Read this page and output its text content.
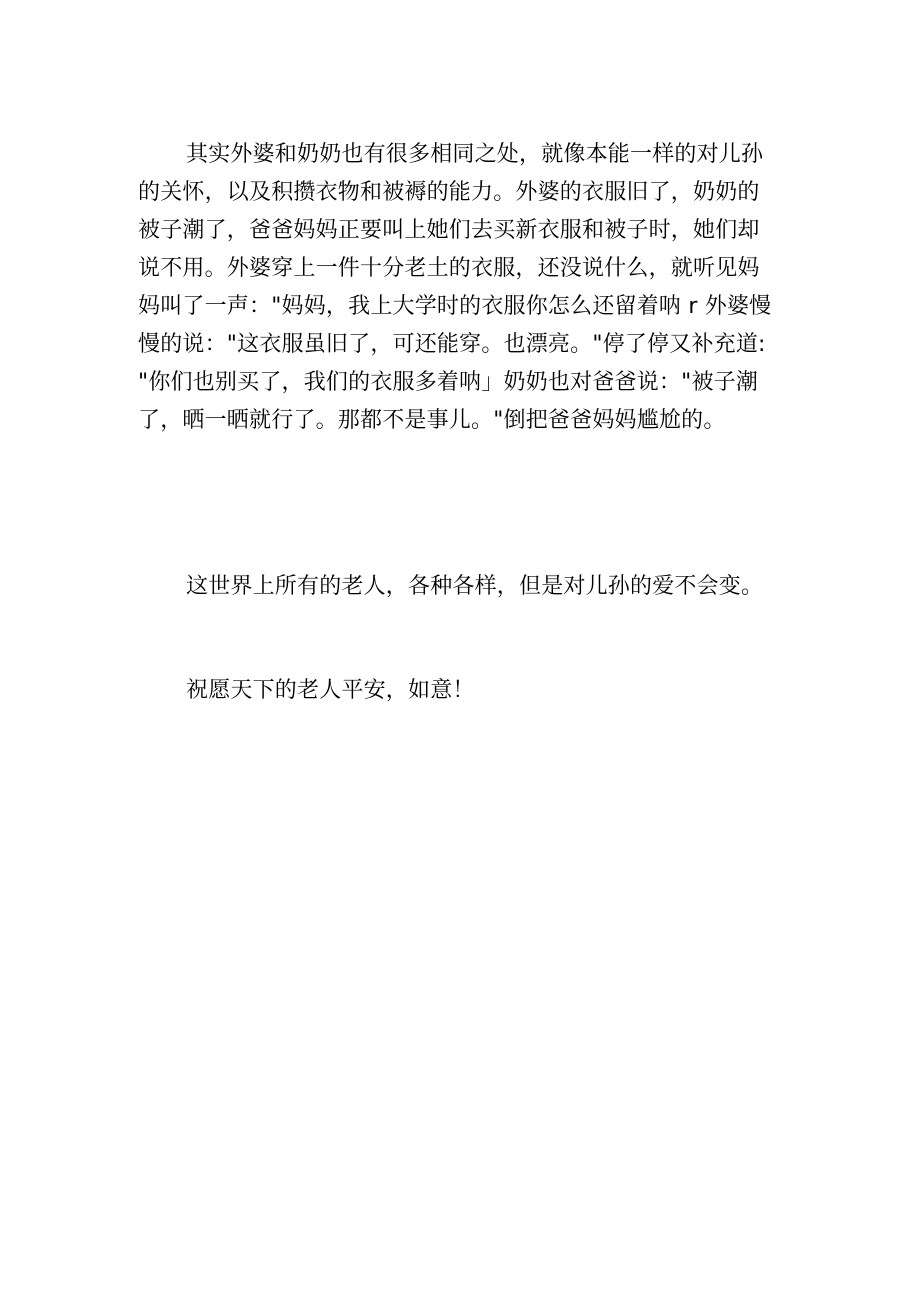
其实外婆和奶奶也有很多相同之处，就像本能一样的对儿孙
的关怀，以及积攒衣物和被褥的能力。外婆的衣服旧了，奶奶的
被子潮了，爸爸妈妈正要叫上她们去买新衣服和被子时，她们却
说不用。外婆穿上一件十分老土的衣服，还没说什么，就听见妈
妈叫了一声："妈妈，我上大学时的衣服你怎么还留着呐 r 外婆慢
慢的说："这衣服虽旧了，可还能穿。也漂亮。"停了停又补充道:
"你们也别买了，我们的衣服多着呐」奶奶也对爸爸说："被子潮
了，晒一晒就行了。那都不是事儿。"倒把爸爸妈妈尴尬的。
这世界上所有的老人，各种各样，但是对儿孙的爱不会变。
祝愿天下的老人平安，如意！
